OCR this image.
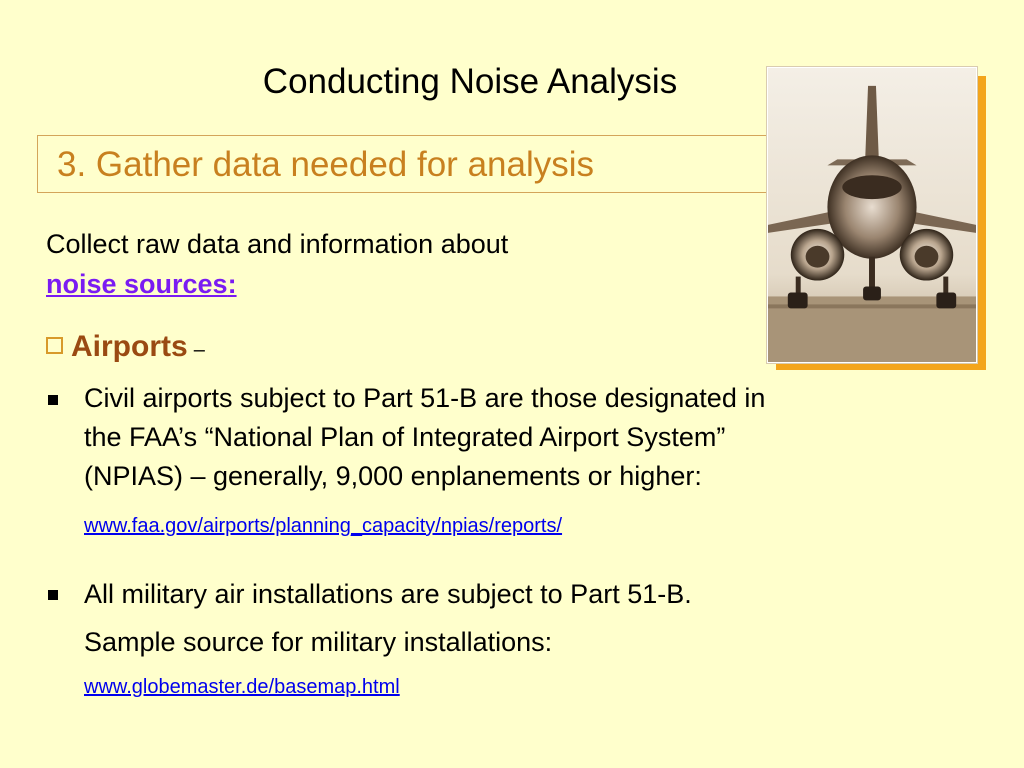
Conducting Noise Analysis
3. Gather data needed for analysis
Collect raw data and information about
noise sources:
Airports –
Civil airports subject to Part 51-B are those designated in
the FAA’s “National Plan of Integrated Airport System”
(NPIAS) – generally, 9,000 enplanements or higher:
www.faa.gov/airports/planning_capacity/npias/reports/
All military air installations are subject to Part 51-B.
Sample source for military installations:
www.globemaster.de/basemap.html
